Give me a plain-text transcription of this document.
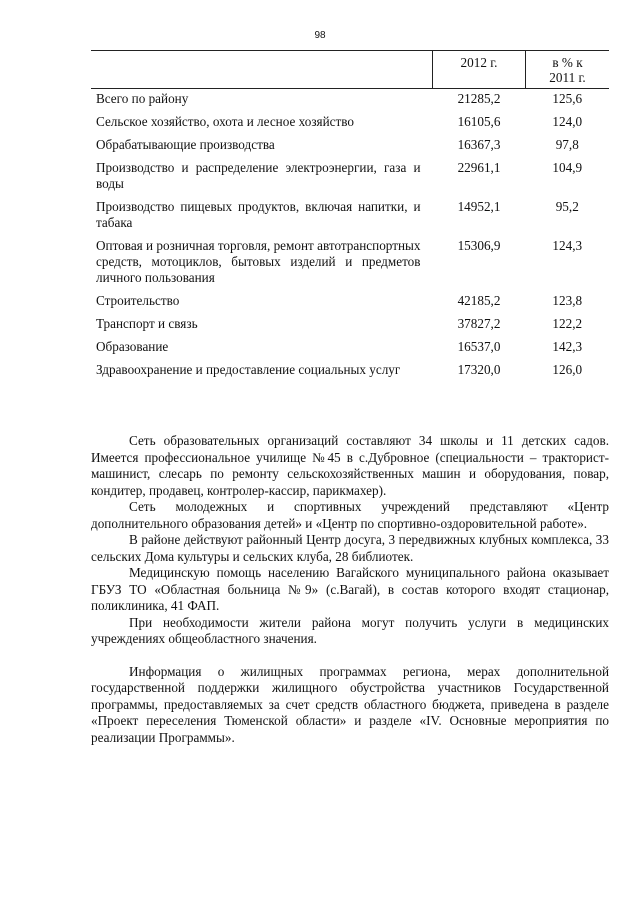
98
	2012 г.	в % к
2011 г.
Всего по району	21285,2	125,6
Сельское хозяйство, охота и лесное хозяйство	16105,6	124,0
Обрабатывающие производства	16367,3	97,8
Производство и распределение электроэнергии, газа и воды	22961,1	104,9
Производство пищевых продуктов, включая напитки, и табака	14952,1	95,2
Оптовая и розничная торговля, ремонт автотранспортных средств, мотоциклов, бытовых изделий и предметов личного пользования	15306,9	124,3
Строительство	42185,2	123,8
Транспорт и связь	37827,2	122,2
Образование	16537,0	142,3
Здравоохранение и предоставление социальных услуг	17320,0	126,0

Сеть образовательных организаций составляют 34 школы и 11 детских садов. Имеется профессиональное училище №45 в с.Дубровное (специальности – тракторист-машинист, слесарь по ремонту сельскохозяйственных машин и оборудования, повар, кондитер, продавец, контролер-кассир, парикмахер).

Сеть молодежных и спортивных учреждений представляют «Центр дополнительного образования детей» и «Центр по спортивно-оздоровительной работе».

В районе действуют районный Центр досуга, 3 передвижных клубных комплекса, 33 сельских Дома культуры и сельских клуба, 28 библиотек.

Медицинскую помощь населению Вагайского муниципального района оказывает ГБУЗ ТО «Областная больница №9» (с.Вагай), в состав которого входят стационар, поликлиника, 41 ФАП.

При необходимости жители района могут получить услуги в медицинских учреждениях общеобластного значения.

Информация о жилищных программах региона, мерах дополнительной государственной поддержки жилищного обустройства участников Государственной программы, предоставляемых за счет средств областного бюджета, приведена в разделе «Проект переселения Тюменской области» и разделе «IV. Основные мероприятия по реализации Программы».
